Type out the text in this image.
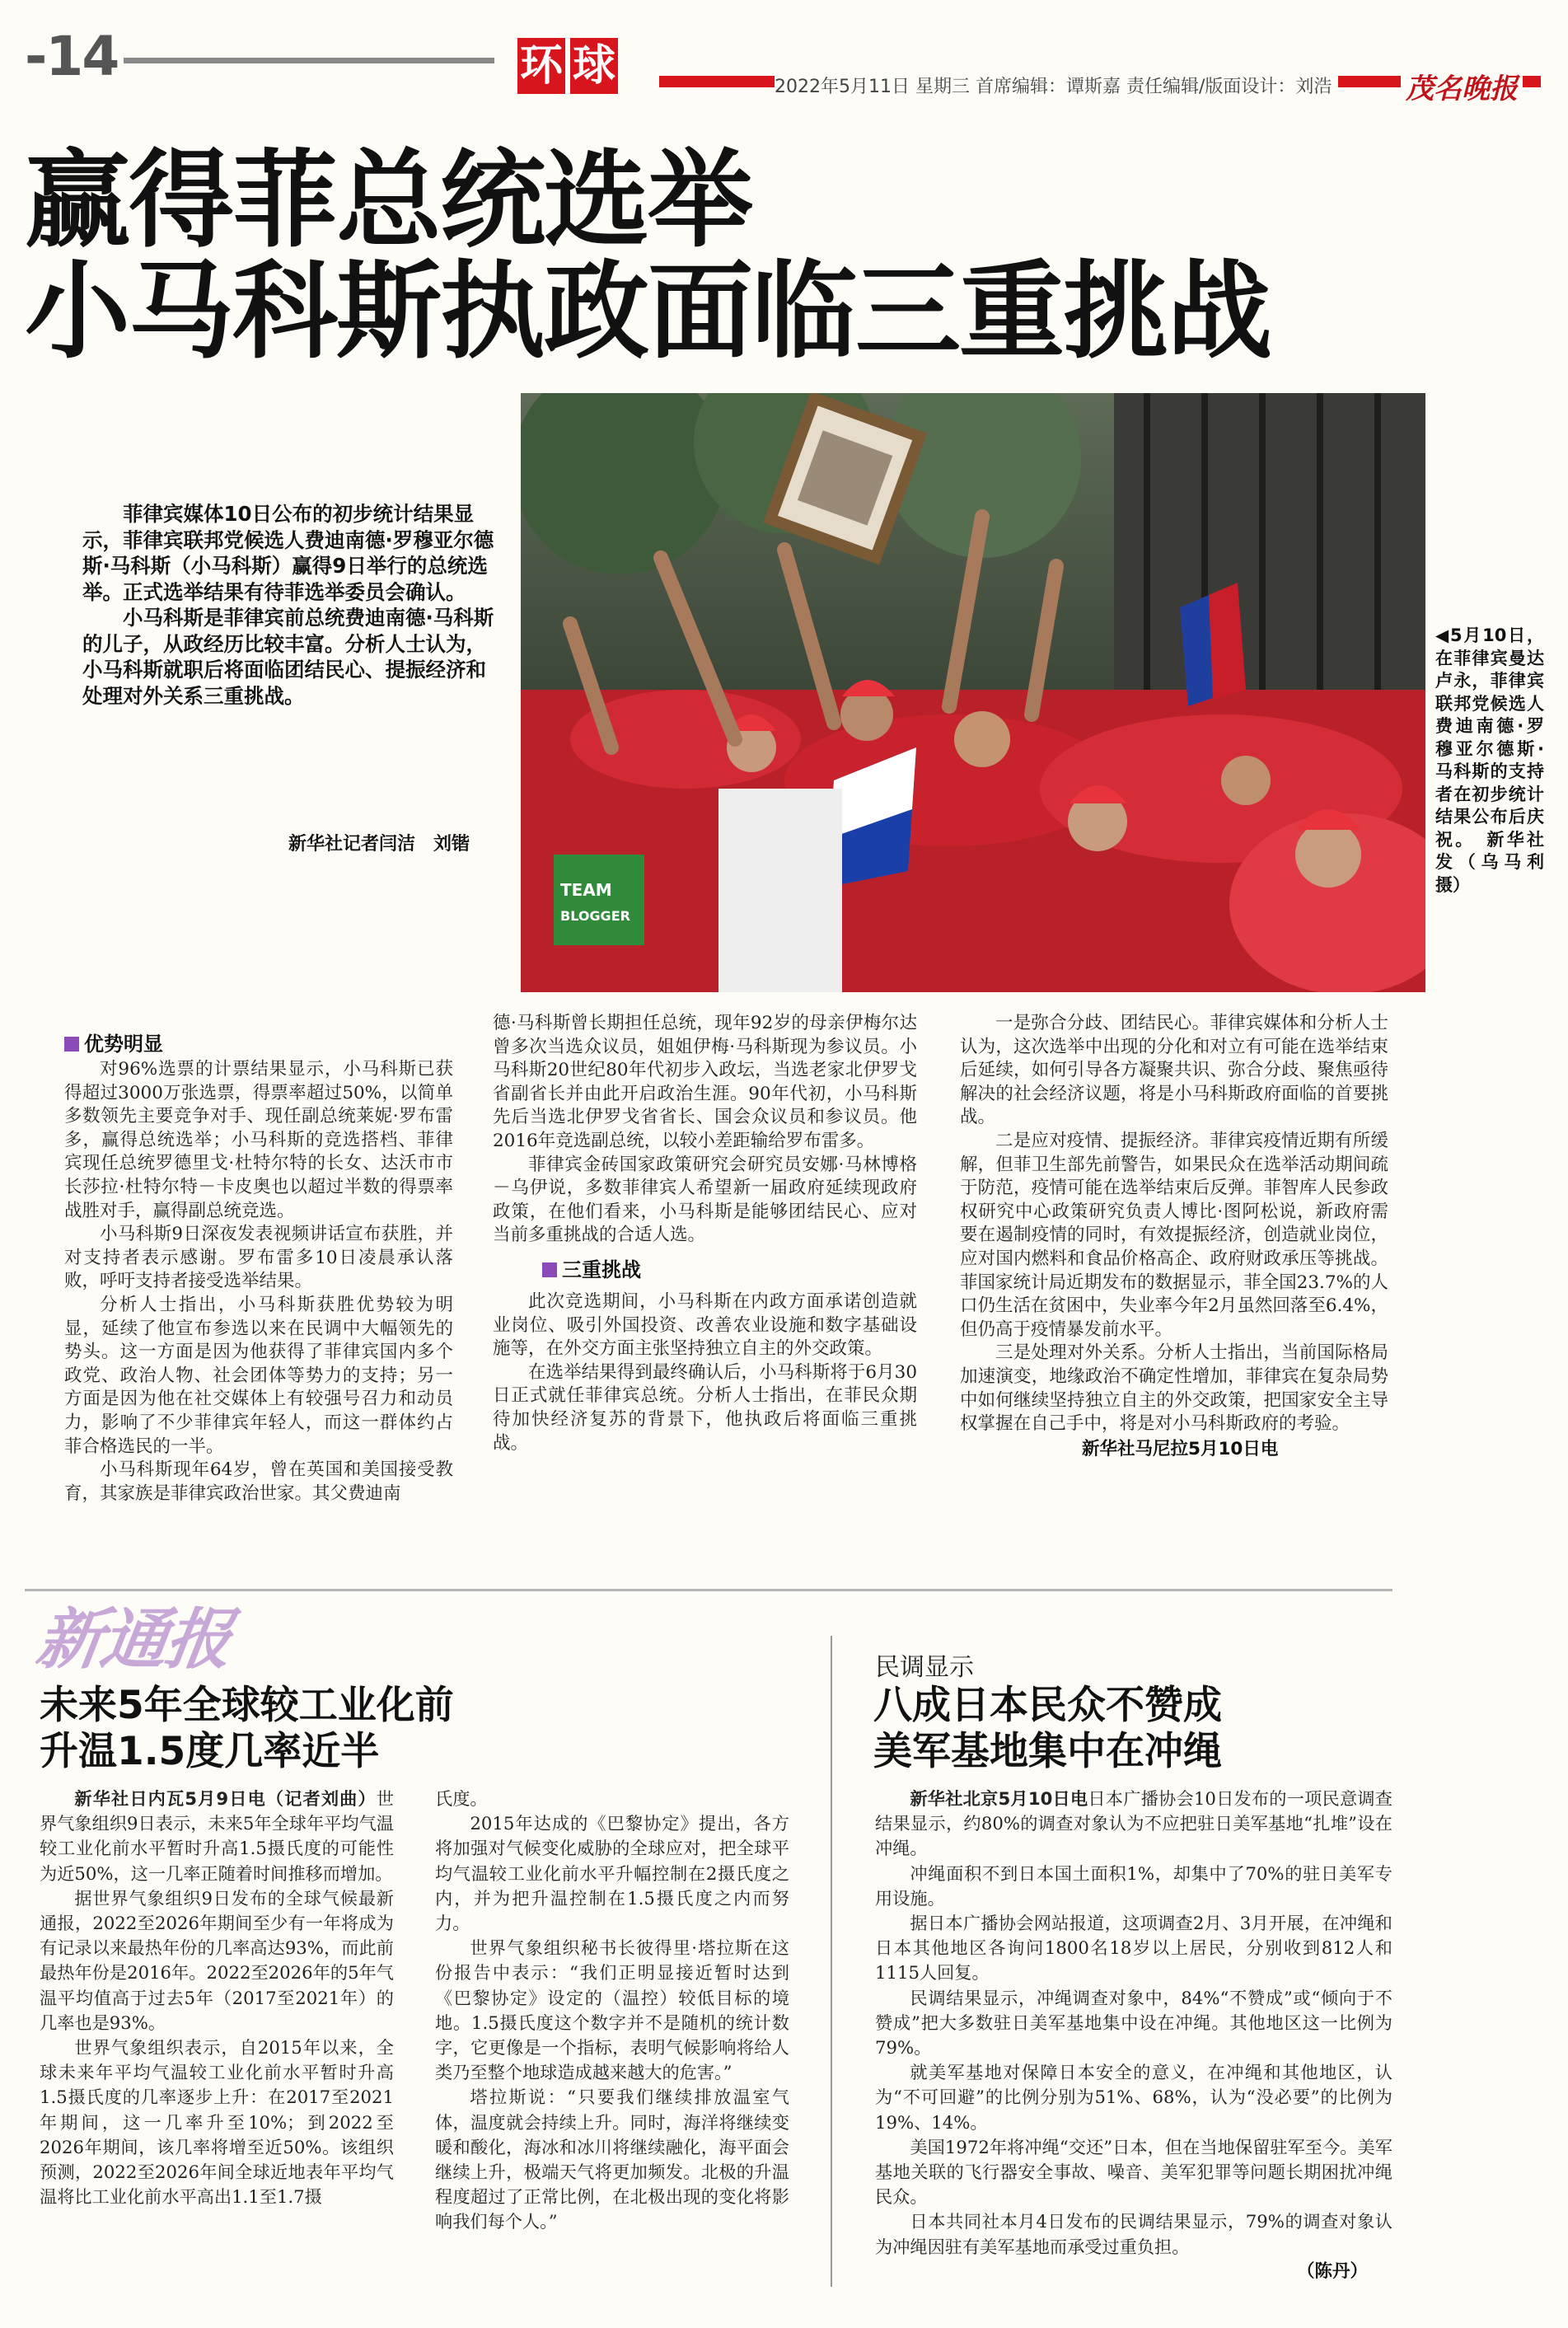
-14	环 球	2022年5月11日 星期三 首席编辑：谭斯嘉 责任编辑/版面设计：刘浩	茂名晚报
赢得菲总统选举
小马科斯执政面临三重挑战

菲律宾媒体10日公布的初步统计结果显示，菲律宾联邦党候选人费迪南德·罗穆亚尔德斯·马科斯（小马科斯）赢得9日举行的总统选举。正式选举结果有待菲选举委员会确认。

小马科斯是菲律宾前总统费迪南德·马科斯的儿子，从政经历比较丰富。分析人士认为，小马科斯就职后将面临团结民心、提振经济和处理对外关系三重挑战。

新华社记者闫洁　刘锴
TEAM
BLOGGER
◀5月10日，在菲律宾曼达卢永，菲律宾联邦党候选人费迪南德·罗穆亚尔德斯·马科斯的支持者在初步统计结果公布后庆祝。　新华社发（乌马利摄）
优势明显

对96%选票的计票结果显示，小马科斯已获得超过3000万张选票，得票率超过50%，以简单多数领先主要竞争对手、现任副总统莱妮·罗布雷多，赢得总统选举；小马科斯的竞选搭档、菲律宾现任总统罗德里戈·杜特尔特的长女、达沃市市长莎拉·杜特尔特－卡皮奥也以超过半数的得票率战胜对手，赢得副总统竞选。

小马科斯9日深夜发表视频讲话宣布获胜，并对支持者表示感谢。罗布雷多10日凌晨承认落败，呼吁支持者接受选举结果。

分析人士指出，小马科斯获胜优势较为明显，延续了他宣布参选以来在民调中大幅领先的势头。这一方面是因为他获得了菲律宾国内多个政党、政治人物、社会团体等势力的支持；另一方面是因为他在社交媒体上有较强号召力和动员力，影响了不少菲律宾年轻人，而这一群体约占菲合格选民的一半。

小马科斯现年64岁，曾在英国和美国接受教育，其家族是菲律宾政治世家。其父费迪南

德·马科斯曾长期担任总统，现年92岁的母亲伊梅尔达曾多次当选众议员，姐姐伊梅·马科斯现为参议员。小马科斯20世纪80年代初步入政坛，当选老家北伊罗戈省副省长并由此开启政治生涯。90年代初，小马科斯先后当选北伊罗戈省省长、国会众议员和参议员。他2016年竞选副总统，以较小差距输给罗布雷多。

菲律宾金砖国家政策研究会研究员安娜·马林博格－乌伊说，多数菲律宾人希望新一届政府延续现政府政策，在他们看来，小马科斯是能够团结民心、应对当前多重挑战的合适人选。

三重挑战

此次竞选期间，小马科斯在内政方面承诺创造就业岗位、吸引外国投资、改善农业设施和数字基础设施等，在外交方面主张坚持独立自主的外交政策。

在选举结果得到最终确认后，小马科斯将于6月30日正式就任菲律宾总统。分析人士指出，在菲民众期待加快经济复苏的背景下，他执政后将面临三重挑战。

一是弥合分歧、团结民心。菲律宾媒体和分析人士认为，这次选举中出现的分化和对立有可能在选举结束后延续，如何引导各方凝聚共识、弥合分歧、聚焦亟待解决的社会经济议题，将是小马科斯政府面临的首要挑战。

二是应对疫情、提振经济。菲律宾疫情近期有所缓解，但菲卫生部先前警告，如果民众在选举活动期间疏于防范，疫情可能在选举结束后反弹。菲智库人民参政权研究中心政策研究负责人博比·图阿松说，新政府需要在遏制疫情的同时，有效提振经济，创造就业岗位，应对国内燃料和食品价格高企、政府财政承压等挑战。菲国家统计局近期发布的数据显示，菲全国23.7%的人口仍生活在贫困中，失业率今年2月虽然回落至6.4%，但仍高于疫情暴发前水平。

三是处理对外关系。分析人士指出，当前国际格局加速演变，地缘政治不确定性增加，菲律宾在复杂局势中如何继续坚持独立自主的外交政策，把国家安全主导权掌握在自己手中，将是对小马科斯政府的考验。

新华社马尼拉5月10日电
新通报
未来5年全球较工业化前
升温1.5度几率近半

新华社日内瓦5月9日电（记者刘曲）世界气象组织9日表示，未来5年全球年平均气温较工业化前水平暂时升高1.5摄氏度的可能性为近50%，这一几率正随着时间推移而增加。

据世界气象组织9日发布的全球气候最新通报，2022至2026年期间至少有一年将成为有记录以来最热年份的几率高达93%，而此前最热年份是2016年。2022至2026年的5年气温平均值高于过去5年（2017至2021年）的几率也是93%。

世界气象组织表示，自2015年以来，全球未来年平均气温较工业化前水平暂时升高1.5摄氏度的几率逐步上升：在2017至2021年期间，这一几率升至10%；到2022至2026年期间，该几率将增至近50%。该组织预测，2022至2026年间全球近地表年平均气温将比工业化前水平高出1.1至1.7摄

氏度。

2015年达成的《巴黎协定》提出，各方将加强对气候变化威胁的全球应对，把全球平均气温较工业化前水平升幅控制在2摄氏度之内，并为把升温控制在1.5摄氏度之内而努力。

世界气象组织秘书长彼得里·塔拉斯在这份报告中表示：“我们正明显接近暂时达到《巴黎协定》设定的（温控）较低目标的境地。1.5摄氏度这个数字并不是随机的统计数字，它更像是一个指标，表明气候影响将给人类乃至整个地球造成越来越大的危害。”

塔拉斯说：“只要我们继续排放温室气体，温度就会持续上升。同时，海洋将继续变暖和酸化，海冰和冰川将继续融化，海平面会继续上升，极端天气将更加频发。北极的升温程度超过了正常比例，在北极出现的变化将影响我们每个人。”

民调显示
八成日本民众不赞成
美军基地集中在冲绳

新华社北京5月10日电日本广播协会10日发布的一项民意调查结果显示，约80%的调查对象认为不应把驻日美军基地“扎堆”设在冲绳。

冲绳面积不到日本国土面积1%，却集中了70%的驻日美军专用设施。

据日本广播协会网站报道，这项调查2月、3月开展，在冲绳和日本其他地区各询问1800名18岁以上居民，分别收到812人和1115人回复。

民调结果显示，冲绳调查对象中，84%“不赞成”或“倾向于不赞成”把大多数驻日美军基地集中设在冲绳。其他地区这一比例为79%。

就美军基地对保障日本安全的意义，在冲绳和其他地区，认为“不可回避”的比例分别为51%、68%，认为“没必要”的比例为19%、14%。

美国1972年将冲绳“交还”日本，但在当地保留驻军至今。美军基地关联的飞行器安全事故、噪音、美军犯罪等问题长期困扰冲绳民众。

日本共同社本月4日发布的民调结果显示，79%的调查对象认为冲绳因驻有美军基地而承受过重负担。

（陈丹）
